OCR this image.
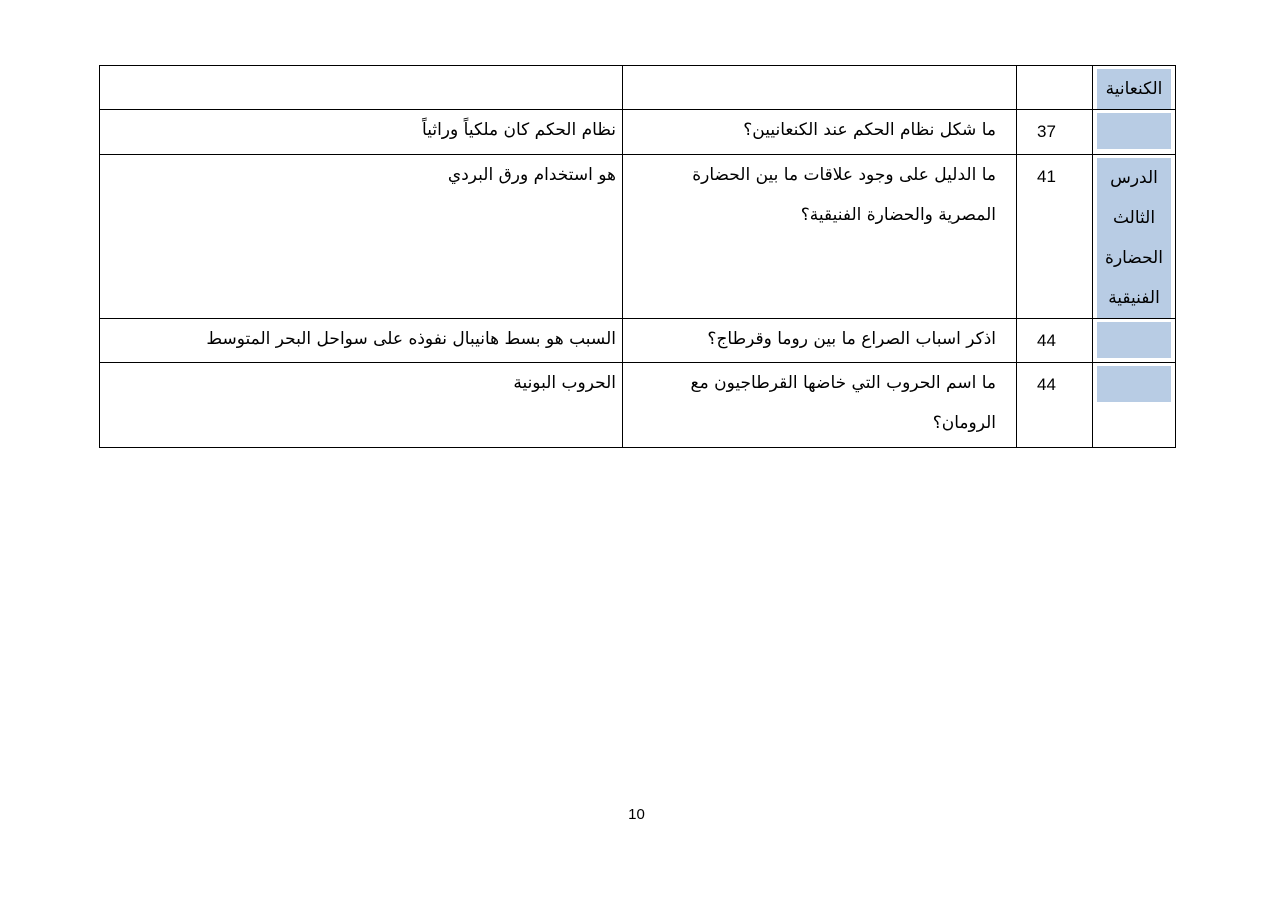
الكنعانية			

	37	ما شكل نظام الحكم عند الكنعانيين؟	نظام الحكم كان ملكياً وراثياً

الدرس الثالث الحضارة الفنيقية	41	ما الدليل على وجود علاقات ما بين الحضارة المصرية والحضارة الفنيقية؟	هو استخدام ورق البردي

	44	اذكر اسباب الصراع ما بين روما وقرطاج؟	السبب هو بسط هانيبال نفوذه على سواحل البحر المتوسط

	44	ما اسم الحروب التي خاضها القرطاجيون مع الرومان؟	الحروب البونية
10
